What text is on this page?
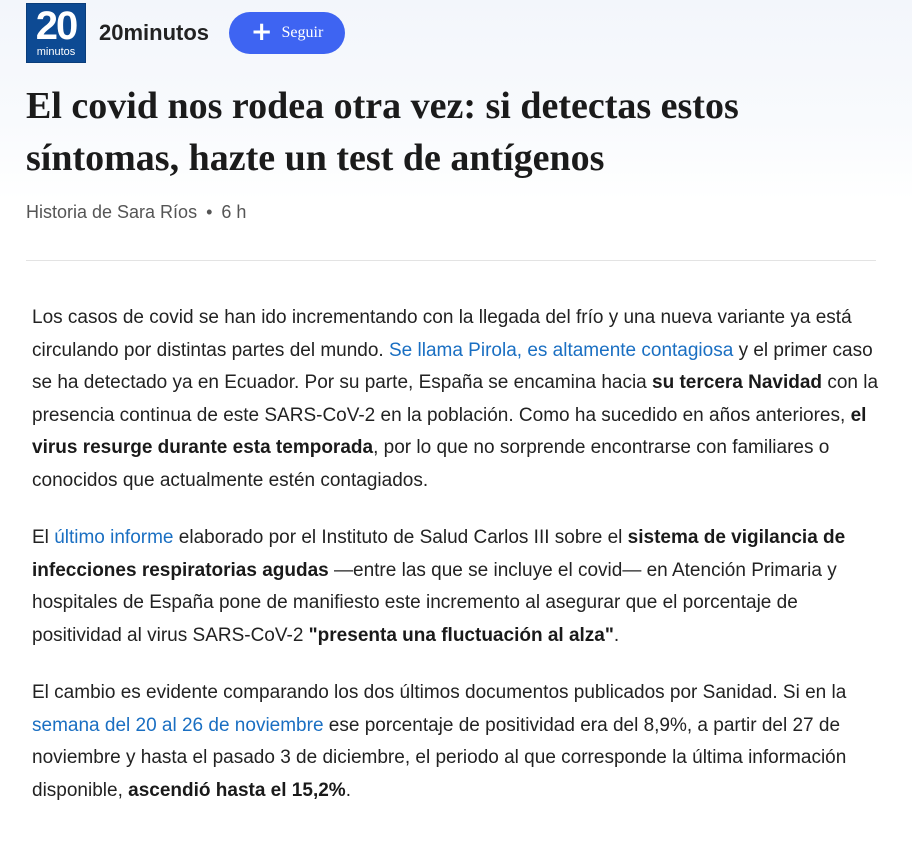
20
minutos
20minutos + Seguir
El covid nos rodea otra vez: si detectas estos
síntomas, hazte un test de antígenos
Historia de Sara Ríos • 6 h

Los casos de covid se han ido incrementando con la llegada del frío y una nueva variante ya está circulando por distintas partes del mundo. Se llama Pirola, es altamente contagiosa y el primer caso se ha detectado ya en Ecuador. Por su parte, España se encamina hacia su tercera Navidad con la presencia continua de este SARS-CoV-2 en la población. Como ha sucedido en años anteriores, el virus resurge durante esta temporada, por lo que no sorprende encontrarse con familiares o conocidos que actualmente estén contagiados.

El último informe elaborado por el Instituto de Salud Carlos III sobre el sistema de vigilancia de infecciones respiratorias agudas —entre las que se incluye el covid— en Atención Primaria y hospitales de España pone de manifiesto este incremento al asegurar que el porcentaje de positividad al virus SARS-CoV-2 "presenta una fluctuación al alza".

El cambio es evidente comparando los dos últimos documentos publicados por Sanidad. Si en la semana del 20 al 26 de noviembre ese porcentaje de positividad era del 8,9%, a partir del 27 de noviembre y hasta el pasado 3 de diciembre, el periodo al que corresponde la última información disponible, ascendió hasta el 15,2%.
